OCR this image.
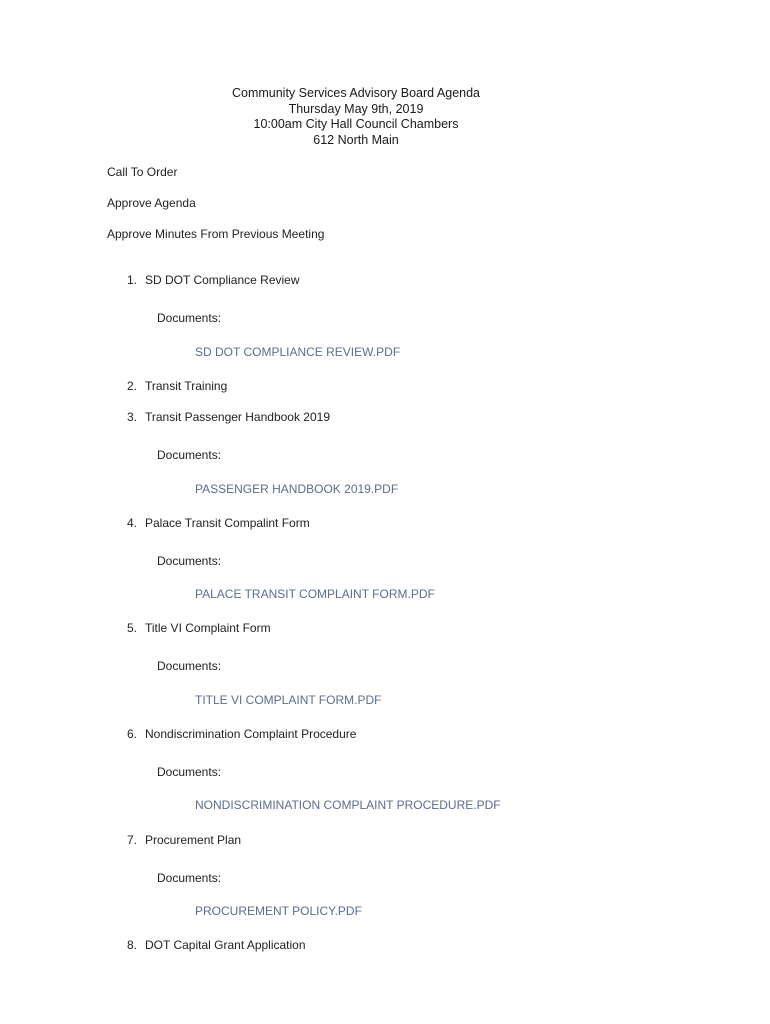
Community Services Advisory Board Agenda
Thursday May 9th, 2019
10:00am City Hall Council Chambers
612 North Main
Call To Order
Approve Agenda
Approve Minutes From Previous Meeting
1. SD DOT Compliance Review
Documents:
SD DOT COMPLIANCE REVIEW.PDF
2. Transit Training
3. Transit Passenger Handbook 2019
Documents:
PASSENGER HANDBOOK 2019.PDF
4. Palace Transit Compalint Form
Documents:
PALACE TRANSIT COMPLAINT FORM.PDF
5. Title VI Complaint Form
Documents:
TITLE VI COMPLAINT FORM.PDF
6. Nondiscrimination Complaint Procedure
Documents:
NONDISCRIMINATION COMPLAINT PROCEDURE.PDF
7. Procurement Plan
Documents:
PROCUREMENT POLICY.PDF
8. DOT Capital Grant Application
